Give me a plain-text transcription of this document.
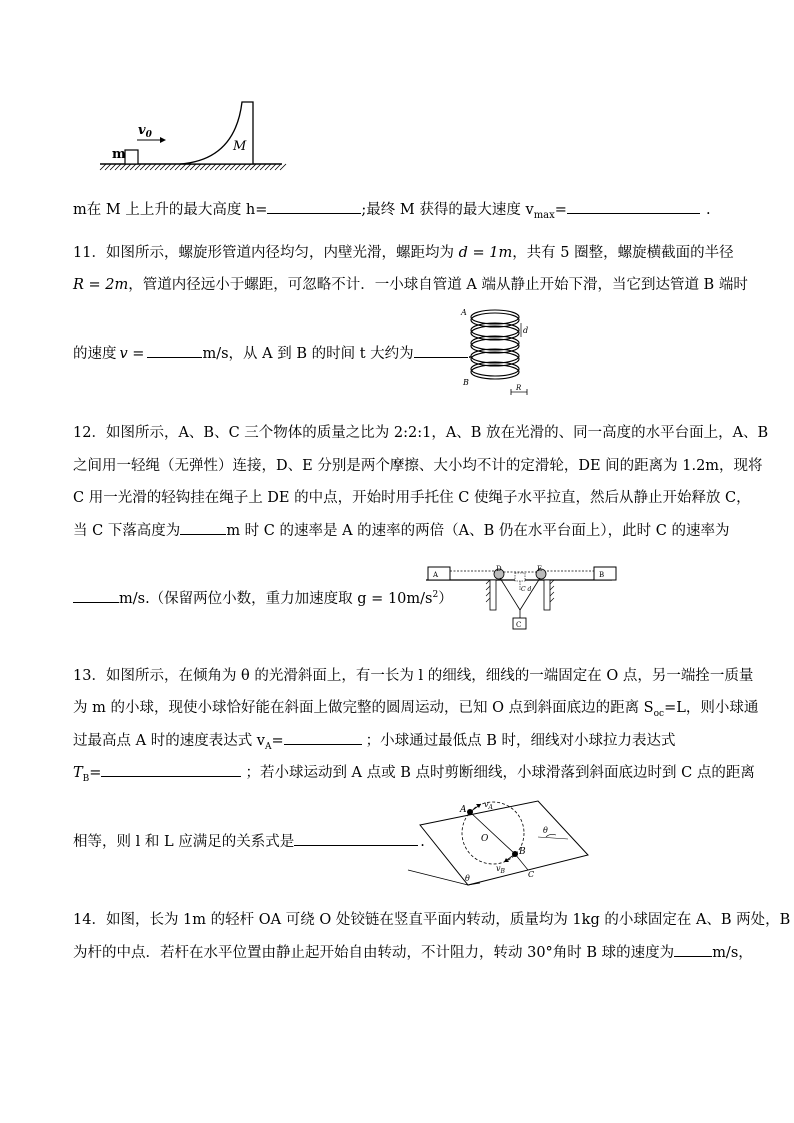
$v_0$
m
M
m在 M 上上升的最大高度 h=	;最终 M 获得的最大速度 $v_{max}=$	.
11．如图所示，螺旋形管道内径均匀，内壁光滑，螺距均为 d = 1m，共有 5 圈整，螺旋横截面的半径
R = 2m，管道内径远小于螺距，可忽略不计．一小球自管道 A 端从静止开始下滑，当它到达管道 B 端时
的速度 v =	m/s，从 A 到 B 的时间 t 大约为	．
A
B
d
R
12．如图所示，A、B、C 三个物体的质量之比为 2:2:1，A、B 放在光滑的、同一高度的水平台面上，A、B
之间用一轻绳（无弹性）连接，D、E 分别是两个摩擦、大小均不计的定滑轮，DE 间的距离为 1.2m，现将
C 用一光滑的轻钩挂在绳子上 DE 的中点，开始时用手托住 C 使绳子水平拉直，然后从静止开始释放 C，
当 C 下落高度为	m 时 C 的速率是 A 的速率的两倍（A、B 仍在水平台面上），此时 C 的速率为
m/s.（保留两位小数，重力加速度取 $g = 10m/s^2$）
A	B
D	E
C
C d
13．如图所示，在倾角为 θ 的光滑斜面上，有一长为 l 的细线，细线的一端固定在 O 点，另一端拴一质量
为 m 的小球，现使小球恰好能在斜面上做完整的圆周运动，已知 O 点到斜面底边的距离 $S_{oc}=L$，则小球通
过最高点 A 时的速度表达式 $v_A=$	；小球通过最低点 B 时，细线对小球拉力表达式
$T_B=$	；若小球运动到 A 点或 B 点时剪断细线，小球滑落到斜面底边时到 C 点的距离
相等，则 l 和 L 应满足的关系式是	.
A
$v_A$
O
B
$v_B$	C
θ
θ
14．如图，长为 1m 的轻杆 OA 可绕 O 处铰链在竖直平面内转动，质量均为 1kg 的小球固定在 A、B 两处，B
为杆的中点．若杆在水平位置由静止起开始自由转动，不计阻力，转动 30°角时 B 球的速度为	m/s，
